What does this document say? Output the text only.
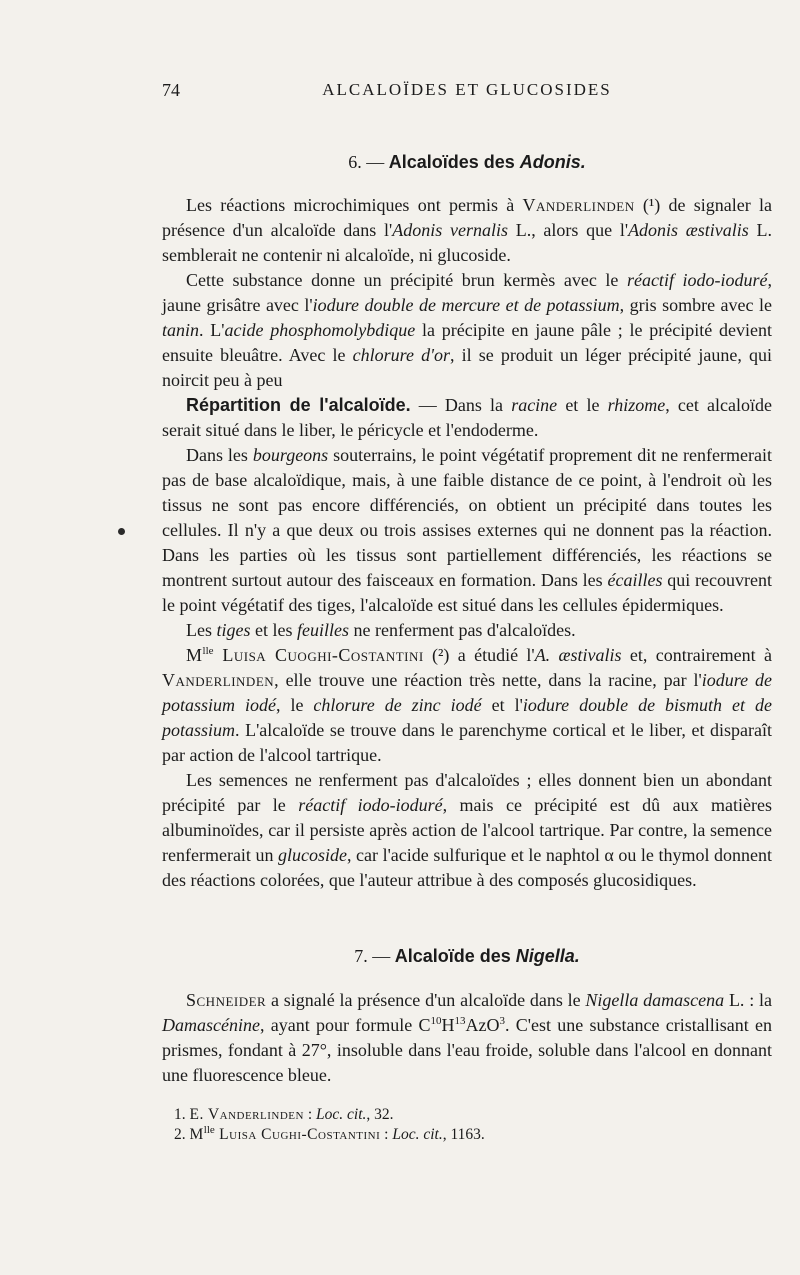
74	ALCALOÏDES ET GLUCOSIDES
6. — Alcaloïdes des Adonis.

Les réactions microchimiques ont permis à Vanderlinden (¹) de signaler la présence d'un alcaloïde dans l'Adonis vernalis L., alors que l'Adonis æstivalis L. semblerait ne contenir ni alcaloïde, ni glucoside.

Cette substance donne un précipité brun kermès avec le réactif iodo-ioduré, jaune grisâtre avec l'iodure double de mercure et de potassium, gris sombre avec le tanin. L'acide phosphomolybdique la précipite en jaune pâle ; le précipité devient ensuite bleuâtre. Avec le chlorure d'or, il se produit un léger précipité jaune, qui noircit peu à peu

Répartition de l'alcaloïde. — Dans la racine et le rhizome, cet alcaloïde serait situé dans le liber, le péricycle et l'endoderme.

Dans les bourgeons souterrains, le point végétatif proprement dit ne renfermerait pas de base alcaloïdique, mais, à une faible distance de ce point, à l'endroit où les tissus ne sont pas encore différenciés, on obtient un précipité dans toutes les cellules. Il n'y a que deux ou trois assises externes qui ne donnent pas la réaction. Dans les parties où les tissus sont partiellement différenciés, les réactions se montrent surtout autour des faisceaux en formation. Dans les écailles qui recouvrent le point végétatif des tiges, l'alcaloïde est situé dans les cellules épidermiques.

Les tiges et les feuilles ne renferment pas d'alcaloïdes.

$M^{lle}$ Luisa Cuoghi-Costantini (²) a étudié l'A. æstivalis et, contrairement à Vanderlinden, elle trouve une réaction très nette, dans la racine, par l'iodure de potassium iodé, le chlorure de zinc iodé et l'iodure double de bismuth et de potassium. L'alcaloïde se trouve dans le parenchyme cortical et le liber, et disparaît par action de l'alcool tartrique.

Les semences ne renferment pas d'alcaloïdes ; elles donnent bien un abondant précipité par le réactif iodo-ioduré, mais ce précipité est dû aux matières albuminoïdes, car il persiste après action de l'alcool tartrique. Par contre, la semence renfermerait un glucoside, car l'acide sulfurique et le naphtol α ou le thymol donnent des réactions colorées, que l'auteur attribue à des composés glucosidiques.

7. — Alcaloïde des Nigella.

Schneider a signalé la présence d'un alcaloïde dans le Nigella damascena L. : la Damascénine, ayant pour formule $C^{10}H^{13}AzO^3$. C'est une substance cristallisant en prismes, fondant à 27°, insoluble dans l'eau froide, soluble dans l'alcool en donnant une fluorescence bleue.

1. E. Vanderlinden : Loc. cit., 32.
2. $M^{lle}$ Luisa Cughi-Costantini : Loc. cit., 1163.
